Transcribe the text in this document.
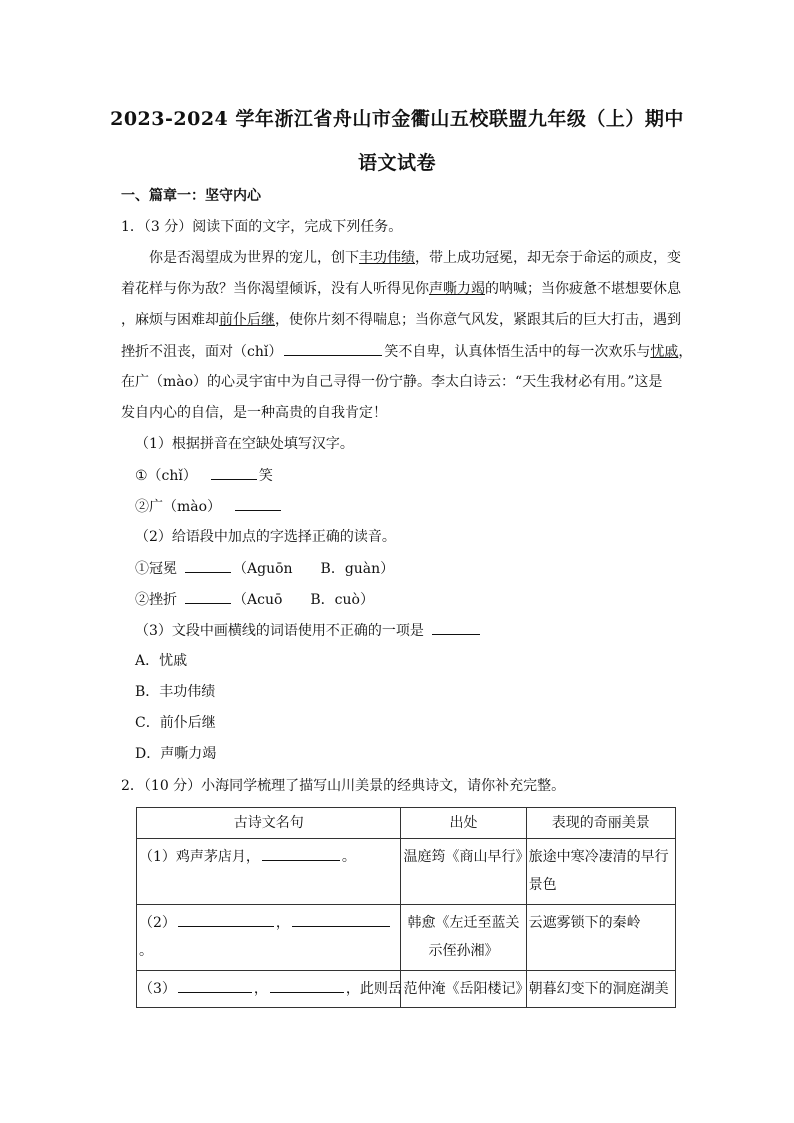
2023-2024 学年浙江省舟山市金衢山五校联盟九年级（上）期中
语文试卷
一、篇章一：坚守内心
1．（3 分）阅读下面的文字，完成下列任务。
你是否渴望成为世界的宠儿，创下丰功伟绩，带上成功冠冕，却无奈于命运的顽皮，变
着花样与你为敌？当你渴望倾诉，没有人听得见你声嘶力竭的呐喊；当你疲惫不堪想要休息
，麻烦与困难却前仆后继，使你片刻不得喘息；当你意气风发，紧跟其后的巨大打击，遇到
挫折不沮丧，面对（chǐ）	笑不自卑，认真体悟生活中的每一次欢乐与忧戚，
在广（mào）的心灵宇宙中为自己寻得一份宁静。李太白诗云：“天生我材必有用。”这是
发自内心的自信，是一种高贵的自我肯定！
（1）根据拼音在空缺处填写汉字。
①（chǐ）	笑
②广（mào）
（2）给语段中加点的字选择正确的读音。
①冠冕	（Aguōn　　B．guàn）
②挫折	（Acuō　　B．cuò）
（3）文段中画横线的词语使用不正确的一项是
A．忧戚
B．丰功伟绩
C．前仆后继
D．声嘶力竭
2．（10 分）小海同学梳理了描写山川美景的经典诗文，请你补充完整。
古诗文名句	出处	表现的奇丽美景
（1）鸡声茅店月， 。	温庭筠《商山早行》	旅途中寒冷凄清的早行景色
（2） ，。	韩愈《左迁至蓝关示侄孙湘》	云遮雾锁下的秦岭
（3） ， ，此则岳	范仲淹《岳阳楼记》	朝暮幻变下的洞庭湖美
